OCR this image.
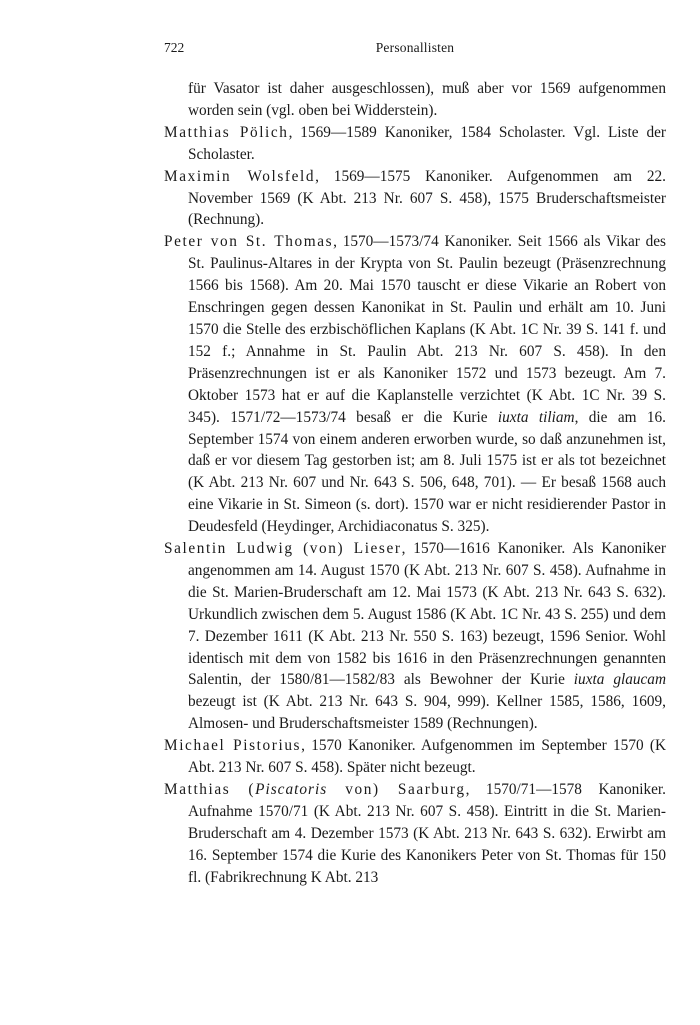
722	Personallisten

für Vasator ist daher ausgeschlossen), muß aber vor 1569 aufgenommen worden sein (vgl. oben bei Widderstein).

Matthias Pölich, 1569—1589 Kanoniker, 1584 Scholaster. Vgl. Liste der Scholaster.

Maximin Wolsfeld, 1569—1575 Kanoniker. Aufgenommen am 22. November 1569 (K Abt. 213 Nr. 607 S. 458), 1575 Bruderschaftsmeister (Rechnung).

Peter von St. Thomas, 1570—1573/74 Kanoniker. Seit 1566 als Vikar des St. Paulinus-Altares in der Krypta von St. Paulin bezeugt (Präsenzrechnung 1566 bis 1568). Am 20. Mai 1570 tauscht er diese Vikarie an Robert von Enschringen gegen dessen Kanonikat in St. Paulin und erhält am 10. Juni 1570 die Stelle des erzbischöflichen Kaplans (K Abt. 1C Nr. 39 S. 141 f. und 152 f.; Annahme in St. Paulin Abt. 213 Nr. 607 S. 458). In den Präsenzrechnungen ist er als Kanoniker 1572 und 1573 bezeugt. Am 7. Oktober 1573 hat er auf die Kaplanstelle verzichtet (K Abt. 1C Nr. 39 S. 345). 1571/72—1573/74 besaß er die Kurie iuxta tiliam, die am 16. September 1574 von einem anderen erworben wurde, so daß anzunehmen ist, daß er vor diesem Tag gestorben ist; am 8. Juli 1575 ist er als tot bezeichnet (K Abt. 213 Nr. 607 und Nr. 643 S. 506, 648, 701). — Er besaß 1568 auch eine Vikarie in St. Simeon (s. dort). 1570 war er nicht residierender Pastor in Deudesfeld (Heydinger, Archidiaconatus S. 325).

Salentin Ludwig (von) Lieser, 1570—1616 Kanoniker. Als Kanoniker angenommen am 14. August 1570 (K Abt. 213 Nr. 607 S. 458). Aufnahme in die St. Marien-Bruderschaft am 12. Mai 1573 (K Abt. 213 Nr. 643 S. 632). Urkundlich zwischen dem 5. August 1586 (K Abt. 1C Nr. 43 S. 255) und dem 7. Dezember 1611 (K Abt. 213 Nr. 550 S. 163) bezeugt, 1596 Senior. Wohl identisch mit dem von 1582 bis 1616 in den Präsenzrechnungen genannten Salentin, der 1580/81—1582/83 als Bewohner der Kurie iuxta glaucam bezeugt ist (K Abt. 213 Nr. 643 S. 904, 999). Kellner 1585, 1586, 1609, Almosen- und Bruderschaftsmeister 1589 (Rechnungen).

Michael Pistorius, 1570 Kanoniker. Aufgenommen im September 1570 (K Abt. 213 Nr. 607 S. 458). Später nicht bezeugt.

Matthias (Piscatoris von) Saarburg, 1570/71—1578 Kanoniker. Aufnahme 1570/71 (K Abt. 213 Nr. 607 S. 458). Eintritt in die St. Marien-Bruderschaft am 4. Dezember 1573 (K Abt. 213 Nr. 643 S. 632). Erwirbt am 16. September 1574 die Kurie des Kanonikers Peter von St. Thomas für 150 fl. (Fabrikrechnung K Abt. 213
